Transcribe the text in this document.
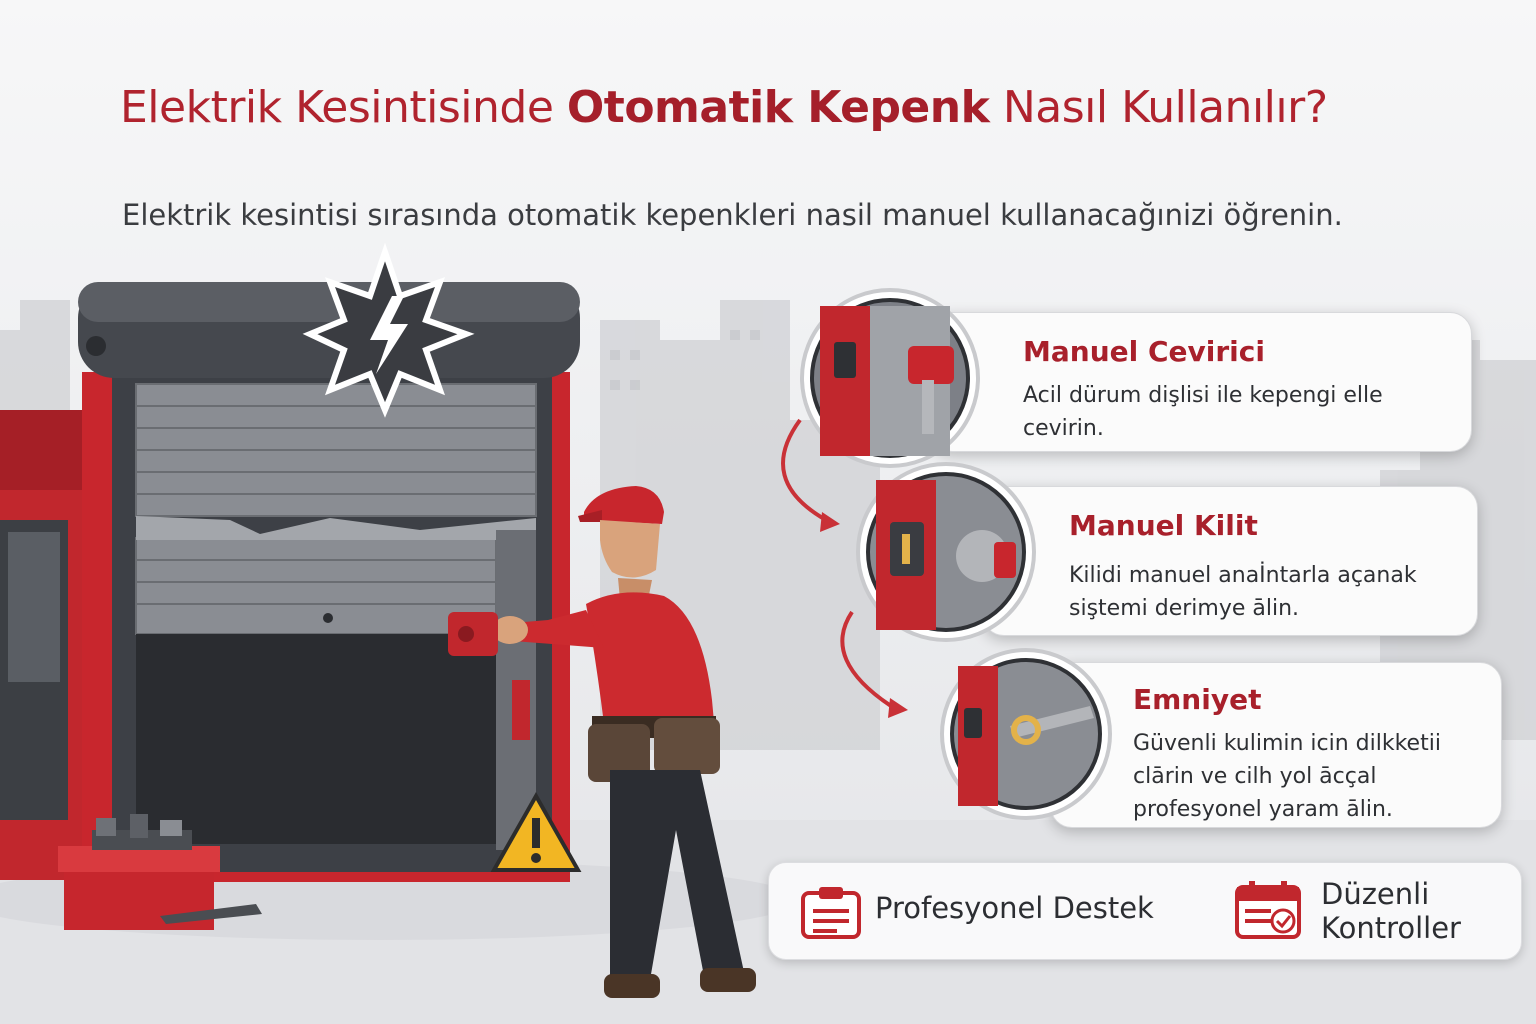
Elektrik Kesintisinde Otomatik Kepenk Nasıl Kullanılır?
Elektrik kesintisi sırasında otomatik kepenkleri nasil manuel kullanacağınizi öğrenin.
Manuel Cevirici
Acil dürum dişlisi ile kepengi elle cevirin.
Manuel Kilit
Kilidi manuel anaİntarla açanak siştemi derimye ālin.
Emniyet
Güvenli kulimin icin dilkketii clārin ve cilh yol ācçal profesyonel yaram ālin.
Profesyonel Destek	Düzenli Kontroller
